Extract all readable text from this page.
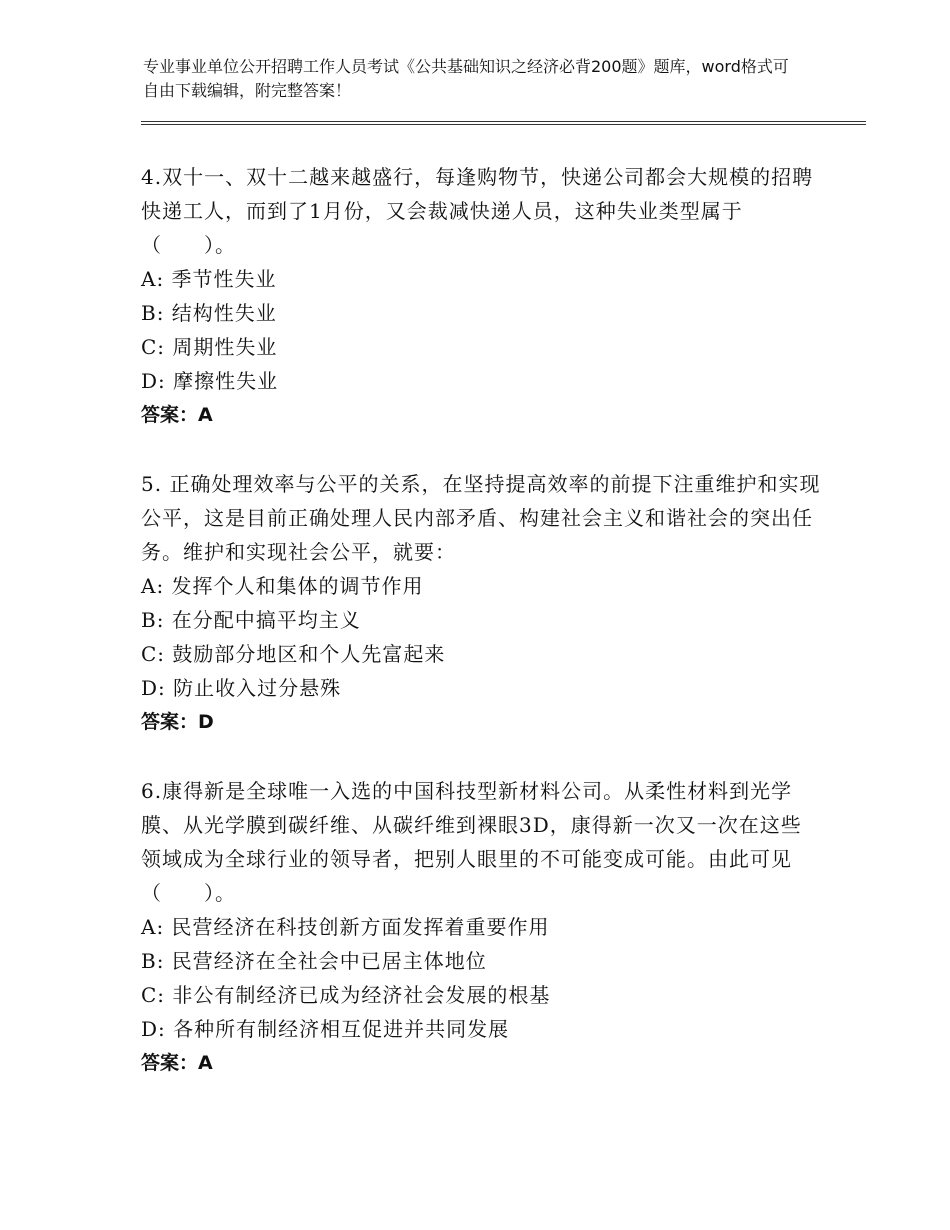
专业事业单位公开招聘工作人员考试《公共基础知识之经济必背200题》题库，word格式可自由下载编辑，附完整答案！

4.双十一、双十二越来越盛行，每逢购物节，快递公司都会大规模的招聘快递工人，而到了1月份，又会裁减快递人员，这种失业类型属于（　　）。

A: 季节性失业

B: 结构性失业

C: 周期性失业

D: 摩擦性失业

答案：A

5. 正确处理效率与公平的关系，在坚持提高效率的前提下注重维护和实现公平，这是目前正确处理人民内部矛盾、构建社会主义和谐社会的突出任务。维护和实现社会公平，就要：

A: 发挥个人和集体的调节作用

B: 在分配中搞平均主义

C: 鼓励部分地区和个人先富起来

D: 防止收入过分悬殊

答案：D

6.康得新是全球唯一入选的中国科技型新材料公司。从柔性材料到光学膜、从光学膜到碳纤维、从碳纤维到裸眼3D，康得新一次又一次在这些领域成为全球行业的领导者，把别人眼里的不可能变成可能。由此可见（　　）。

A: 民营经济在科技创新方面发挥着重要作用

B: 民营经济在全社会中已居主体地位

C: 非公有制经济已成为经济社会发展的根基

D: 各种所有制经济相互促进并共同发展

答案：A
